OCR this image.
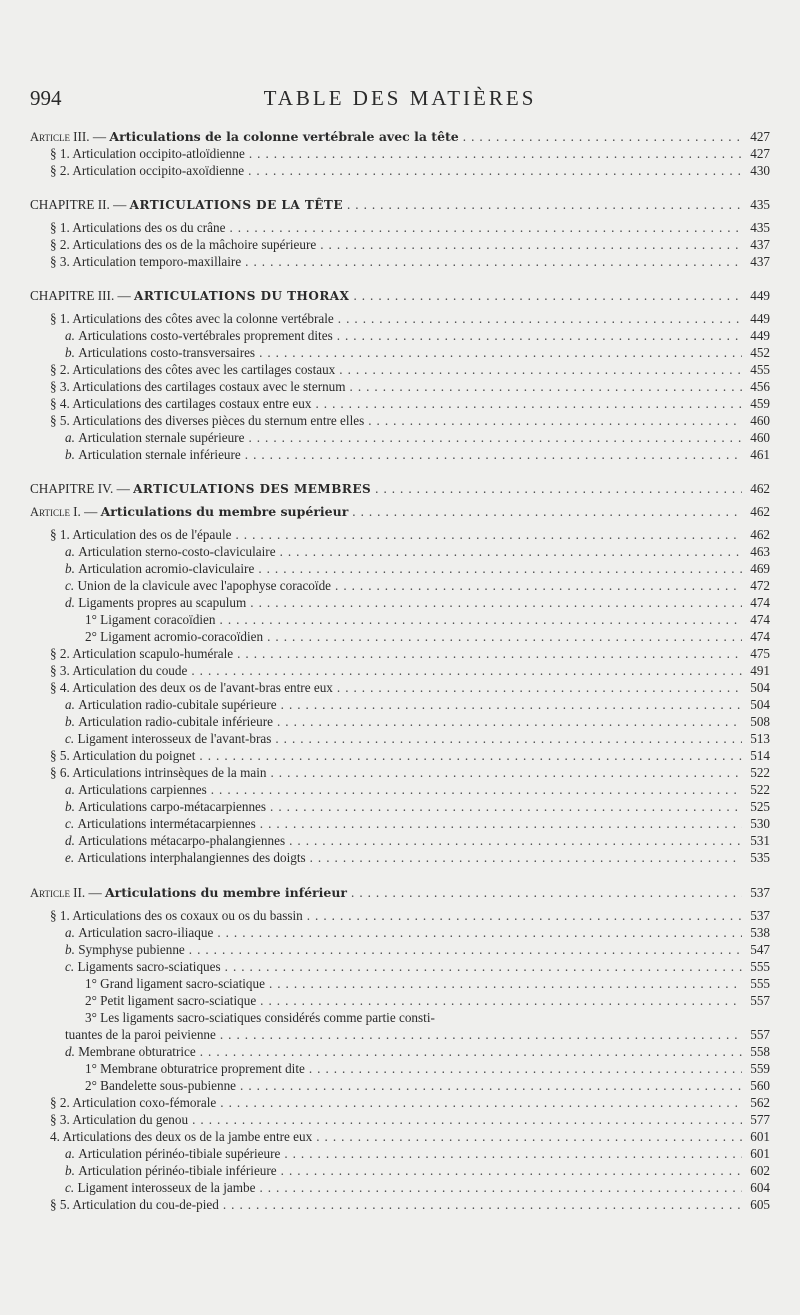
994	TABLE DES MATIÈRES
Article III. — Articulations de la colonne vertébrale avec la tête .....	427
§ 1. Articulation occipito-atloïdienne .....	427
§ 2. Articulation occipito-axoïdienne .....	430
CHAPITRE II. — ARTICULATIONS DE LA TÊTE .....	435
§ 1. Articulations des os du crâne .....	435
§ 2. Articulations des os de la mâchoire supérieure .....	437
§ 3. Articulation temporo-maxillaire .....	437
CHAPITRE III. — ARTICULATIONS DU THORAX .....	449
§ 1. Articulations des côtes avec la colonne vertébrale .....	449
a. Articulations costo-vertébrales proprement dites .....	449
b. Articulations costo-transversaires .....	452
§ 2. Articulations des côtes avec les cartilages costaux .....	455
§ 3. Articulations des cartilages costaux avec le sternum .....	456
§ 4. Articulations des cartilages costaux entre eux .....	459
§ 5. Articulations des diverses pièces du sternum entre elles .....	460
a. Articulation sternale supérieure .....	460
b. Articulation sternale inférieure .....	461
CHAPITRE IV. — ARTICULATIONS DES MEMBRES .....	462
Article I. — Articulations du membre supérieur .....	462
§ 1. Articulation des os de l'épaule .....	462
a. Articulation sterno-costo-claviculaire .....	463
b. Articulation acromio-claviculaire .....	469
c. Union de la clavicule avec l'apophyse coracoïde .....	472
d. Ligaments propres au scapulum .....	474
1° Ligament coracoïdien .....	474
2° Ligament acromio-coracoïdien .....	474
§ 2. Articulation scapulo-humérale .....	475
§ 3. Articulation du coude .....	491
§ 4. Articulation des deux os de l'avant-bras entre eux .....	504
a. Articulation radio-cubitale supérieure .....	504
b. Articulation radio-cubitale inférieure .....	508
c. Ligament interosseux de l'avant-bras .....	513
§ 5. Articulation du poignet .....	514
§ 6. Articulations intrinsèques de la main .....	522
a. Articulations carpiennes .....	522
b. Articulations carpo-métacarpiennes .....	525
c. Articulations intermétacarpiennes .....	530
d. Articulations métacarpo-phalangiennes .....	531
e. Articulations interphalangiennes des doigts .....	535
Article II. — Articulations du membre inférieur .....	537
§ 1. Articulations des os coxaux ou os du bassin .....	537
a. Articulation sacro-iliaque .....	538
b. Symphyse pubienne .....	547
c. Ligaments sacro-sciatiques .....	555
1° Grand ligament sacro-sciatique .....	555
2° Petit ligament sacro-sciatique .....	557
3° Les ligaments sacro-sciatiques considérés comme partie consti-
tuantes de la paroi peivienne .....	557
d. Membrane obturatrice .....	558
1° Membrane obturatrice proprement dite .....	559
2° Bandelette sous-pubienne .....	560
§ 2. Articulation coxo-fémorale .....	562
§ 3. Articulation du genou .....	577
4. Articulations des deux os de la jambe entre eux .....	601
a. Articulation périnéo-tibiale supérieure .....	601
b. Articulation périnéo-tibiale inférieure .....	602
c. Ligament interosseux de la jambe .....	604
§ 5. Articulation du cou-de-pied .....	605
